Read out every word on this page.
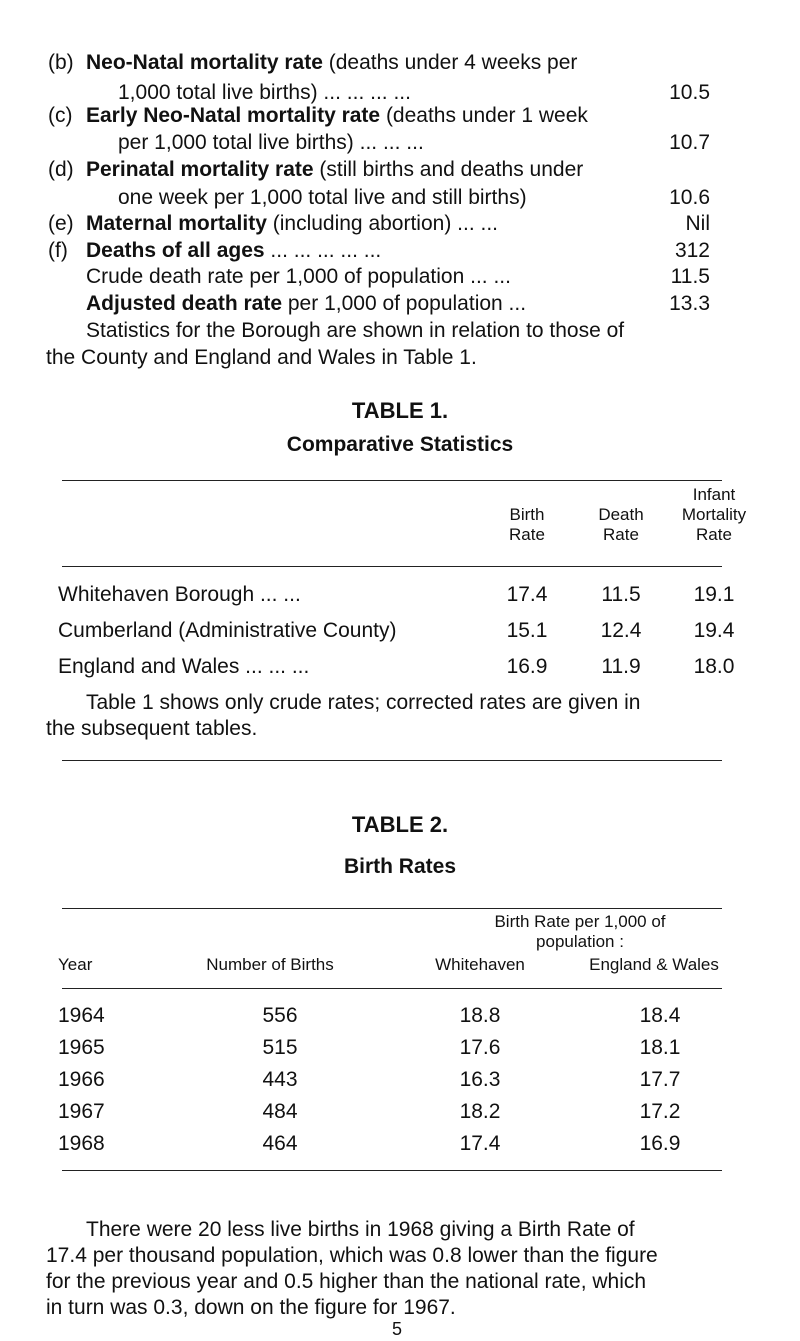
(b) Neo-Natal mortality rate (deaths under 4 weeks per
1,000 total live births) ... ... ... ...	10.5
(c) Early Neo-Natal mortality rate (deaths under 1 week
per 1,000 total live births) ... ... ...	10.7
(d) Perinatal mortality rate (still births and deaths under
one week per 1,000 total live and still births)	10.6
(e) Maternal mortality (including abortion) ... ...	Nil
(f) Deaths of all ages ... ... ... ... ...	312
Crude death rate per 1,000 of population ... ...	11.5
Adjusted death rate per 1,000 of population ...	13.3
Statistics for the Borough are shown in relation to those of
the County and England and Wales in Table 1.
TABLE 1.
Comparative Statistics

Birth
Rate

Death
Rate
Infant
Mortality
Rate
Whitehaven Borough ... ...	17.4	11.5	19.1
Cumberland (Administrative County)	15.1	12.4	19.4
England and Wales ... ... ...	16.9	11.9	18.0
Table 1 shows only crude rates; corrected rates are given in
the subsequent tables.
TABLE 2.
Birth Rates
Birth Rate per 1,000 of
population :
Year	Number of Births	Whitehaven	England & Wales
1964	556	18.8	18.4
1965	515	17.6	18.1
1966	443	16.3	17.7
1967	484	18.2	17.2
1968	464	17.4	16.9
There were 20 less live births in 1968 giving a Birth Rate of
17.4 per thousand population, which was 0.8 lower than the figure
for the previous year and 0.5 higher than the national rate, which
in turn was 0.3, down on the figure for 1967.
5
